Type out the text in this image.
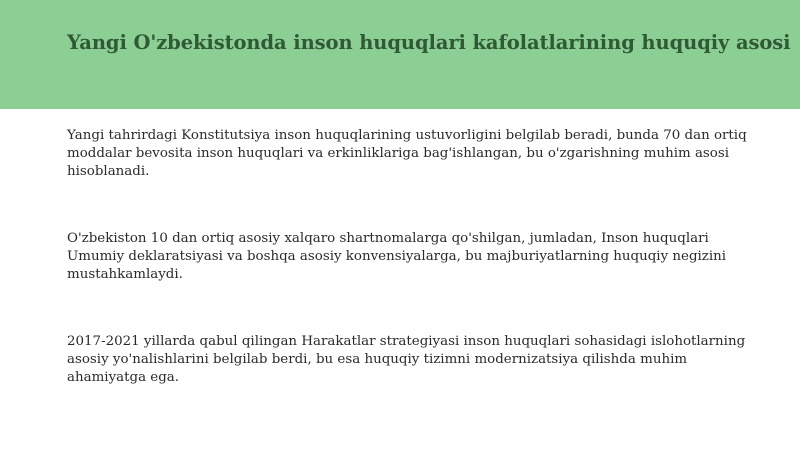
Yangi O'zbekistonda inson huquqlari kafolatlarining huquqiy asosi

Yangi tahrirdagi Konstitutsiya inson huquqlarining ustuvorligini belgilab beradi, bunda 70 dan ortiq moddalar bevosita inson huquqlari va erkinliklariga bag'ishlangan, bu o'zgarishning muhim asosi hisoblanadi.

O'zbekiston 10 dan ortiq asosiy xalqaro shartnomalarga qo'shilgan, jumladan, Inson huquqlari Umumiy deklaratsiyasi va boshqa asosiy konvensiyalarga, bu majburiyatlarning huquqiy negizini mustahkamlaydi.

2017-2021 yillarda qabul qilingan Harakatlar strategiyasi inson huquqlari sohasidagi islohotlarning asosiy yo'nalishlarini belgilab berdi, bu esa huquqiy tizimni modernizatsiya qilishda muhim ahamiyatga ega.
